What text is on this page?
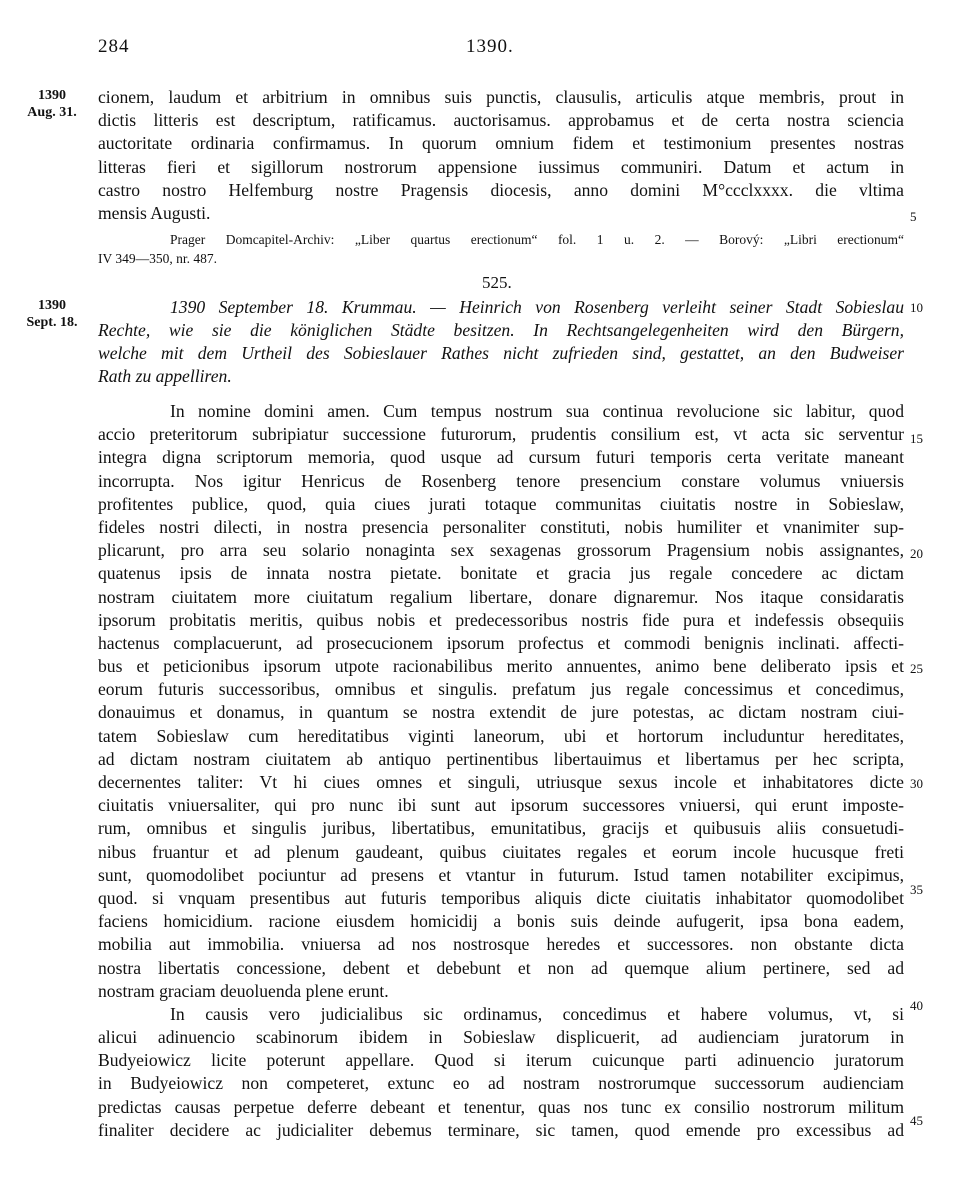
284	1390.
1390
Aug. 31.
1390
Sept. 18.
cionem, laudum et arbitrium in omnibus suis punctis, clausulis, articulis atque membris, prout in
dictis litteris est descriptum, ratificamus. auctorisamus. approbamus et de certa nostra sciencia
auctoritate ordinaria confirmamus. In quorum omnium fidem et testimonium presentes nostras
litteras fieri et sigillorum nostrorum appensione iussimus communiri. Datum et actum in
castro nostro Helfemburg nostre Pragensis diocesis, anno domini M°ccclxxxx. die vltima
mensis Augusti.
Prager Domcapitel-Archiv: „Liber quartus erectionum“ fol. 1 u. 2. — Borový: „Libri erectionum“
IV 349—350, nr. 487.
525.
1390 September 18. Krummau. — Heinrich von Rosenberg verleiht seiner Stadt Sobieslau
Rechte, wie sie die königlichen Städte besitzen. In Rechtsangelegenheiten wird den Bürgern,
welche mit dem Urtheil des Sobieslauer Rathes nicht zufrieden sind, gestattet, an den Budweiser
Rath zu appelliren.
In nomine domini amen. Cum tempus nostrum sua continua revolucione sic labitur, quod
accio preteritorum subripiatur successione futurorum, prudentis consilium est, vt acta sic serventur
integra digna scriptorum memoria, quod usque ad cursum futuri temporis certa veritate maneant
incorrupta. Nos igitur Henricus de Rosenberg tenore presencium constare volumus vniuersis
profitentes publice, quod, quia ciues jurati totaque communitas ciuitatis nostre in Sobieslaw,
fideles nostri dilecti, in nostra presencia personaliter constituti, nobis humiliter et vnanimiter sup-
plicarunt, pro arra seu solario nonaginta sex sexagenas grossorum Pragensium nobis assignantes,
quatenus ipsis de innata nostra pietate. bonitate et gracia jus regale concedere ac dictam
nostram ciuitatem more ciuitatum regalium libertare, donare dignaremur. Nos itaque considaratis
ipsorum probitatis meritis, quibus nobis et predecessoribus nostris fide pura et indefessis obsequiis
hactenus complacuerunt, ad prosecucionem ipsorum profectus et commodi benignis inclinati. affecti-
bus et peticionibus ipsorum utpote racionabilibus merito annuentes, animo bene deliberato ipsis et
eorum futuris successoribus, omnibus et singulis. prefatum jus regale concessimus et concedimus,
donauimus et donamus, in quantum se nostra extendit de jure potestas, ac dictam nostram ciui-
tatem Sobieslaw cum hereditatibus viginti laneorum, ubi et hortorum includuntur hereditates,
ad dictam nostram ciuitatem ab antiquo pertinentibus libertauimus et libertamus per hec scripta,
decernentes taliter: Vt hi ciues omnes et singuli, utriusque sexus incole et inhabitatores dicte
ciuitatis vniuersaliter, qui pro nunc ibi sunt aut ipsorum successores vniuersi, qui erunt imposte-
rum, omnibus et singulis juribus, libertatibus, emunitatibus, gracijs et quibusuis aliis consuetudi-
nibus fruantur et ad plenum gaudeant, quibus ciuitates regales et eorum incole hucusque freti
sunt, quomodolibet pociuntur ad presens et vtantur in futurum. Istud tamen notabiliter excipimus,
quod. si vnquam presentibus aut futuris temporibus aliquis dicte ciuitatis inhabitator quomodolibet
faciens homicidium. racione eiusdem homicidij a bonis suis deinde aufugerit, ipsa bona eadem,
mobilia aut immobilia. vniuersa ad nos nostrosque heredes et successores. non obstante dicta
nostra libertatis concessione, debent et debebunt et non ad quemque alium pertinere, sed ad
nostram graciam deuoluenda plene erunt.
In causis vero judicialibus sic ordinamus, concedimus et habere volumus, vt, si
alicui adinuencio scabinorum ibidem in Sobieslaw displicuerit, ad audienciam juratorum in
Budyeiowicz licite poterunt appellare. Quod si iterum cuicunque parti adinuencio juratorum
in Budyeiowicz non competeret, extunc eo ad nostram nostrorumque successorum audienciam
predictas causas perpetue deferre debeant et tenentur, quas nos tunc ex consilio nostrorum militum
finaliter decidere ac judicialiter debemus terminare, sic tamen, quod emende pro excessibus ad
5
10
15
20
25
30
35
40
45
